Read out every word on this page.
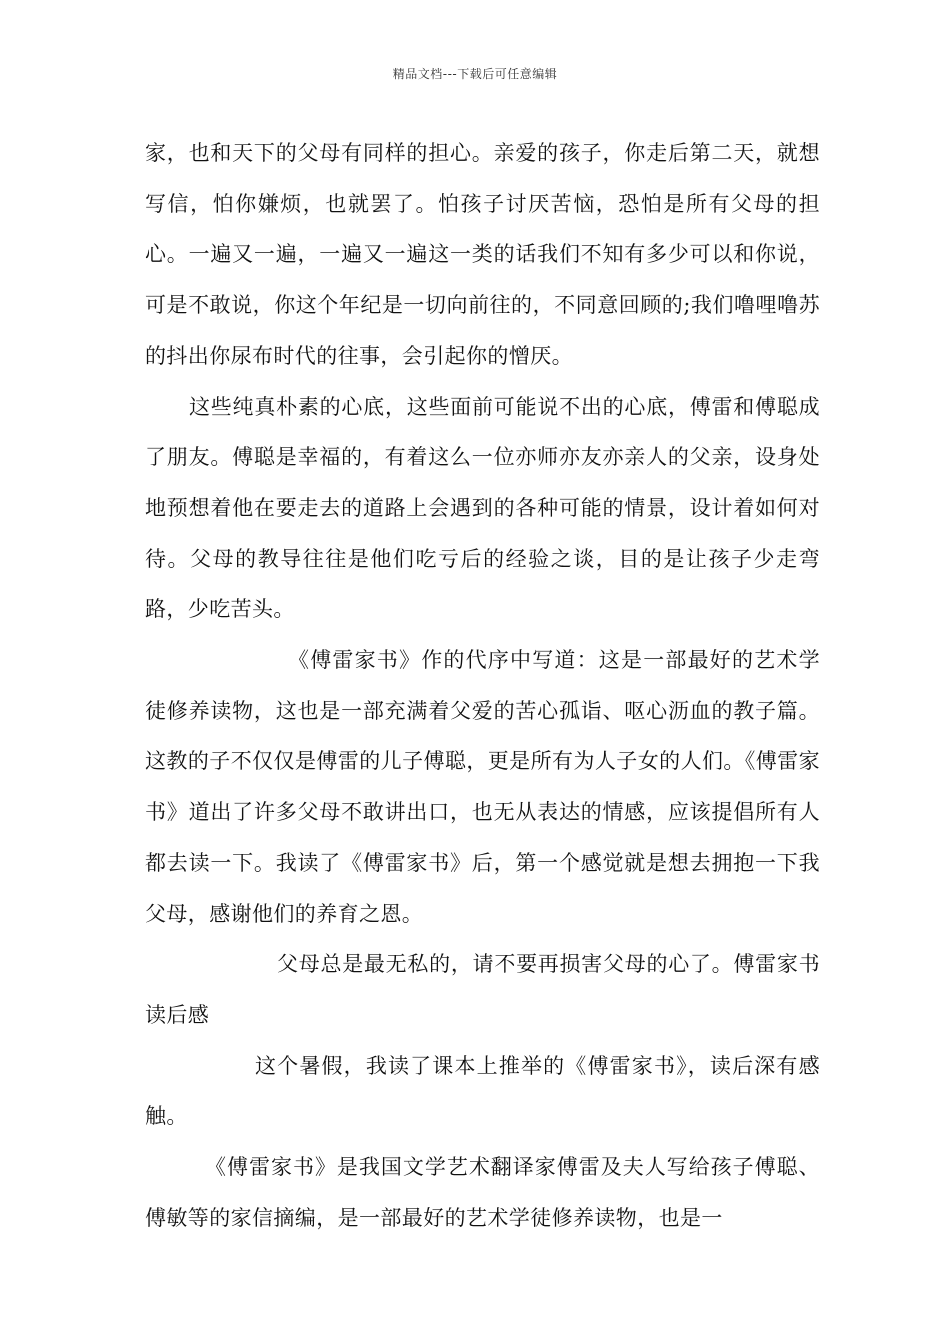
精品文档---下载后可任意编辑

家，也和天下的父母有同样的担心。亲爱的孩子，你走后第二天，就想写信，怕你嫌烦，也就罢了。怕孩子讨厌苦恼，恐怕是所有父母的担心。一遍又一遍，一遍又一遍这一类的话我们不知有多少可以和你说，可是不敢说，你这个年纪是一切向前往的，不同意回顾的;我们噜哩噜苏的抖出你尿布时代的往事，会引起你的憎厌。

这些纯真朴素的心底，这些面前可能说不出的心底，傅雷和傅聪成了朋友。傅聪是幸福的，有着这么一位亦师亦友亦亲人的父亲，设身处地预想着他在要走去的道路上会遇到的各种可能的情景，设计着如何对待。父母的教导往往是他们吃亏后的经验之谈，目的是让孩子少走弯路，少吃苦头。

《傅雷家书》作的代序中写道：这是一部最好的艺术学徒修养读物，这也是一部充满着父爱的苦心孤诣、呕心沥血的教子篇。这教的子不仅仅是傅雷的儿子傅聪，更是所有为人子女的人们。《傅雷家书》道出了许多父母不敢讲出口，也无从表达的情感，应该提倡所有人都去读一下。我读了《傅雷家书》后，第一个感觉就是想去拥抱一下我父母，感谢他们的养育之恩。

父母总是最无私的，请不要再损害父母的心了。傅雷家书读后感

这个暑假，我读了课本上推举的《傅雷家书》，读后深有感触。

《傅雷家书》是我国文学艺术翻译家傅雷及夫人写给孩子傅聪、傅敏等的家信摘编，是一部最好的艺术学徒修养读物，也是一
